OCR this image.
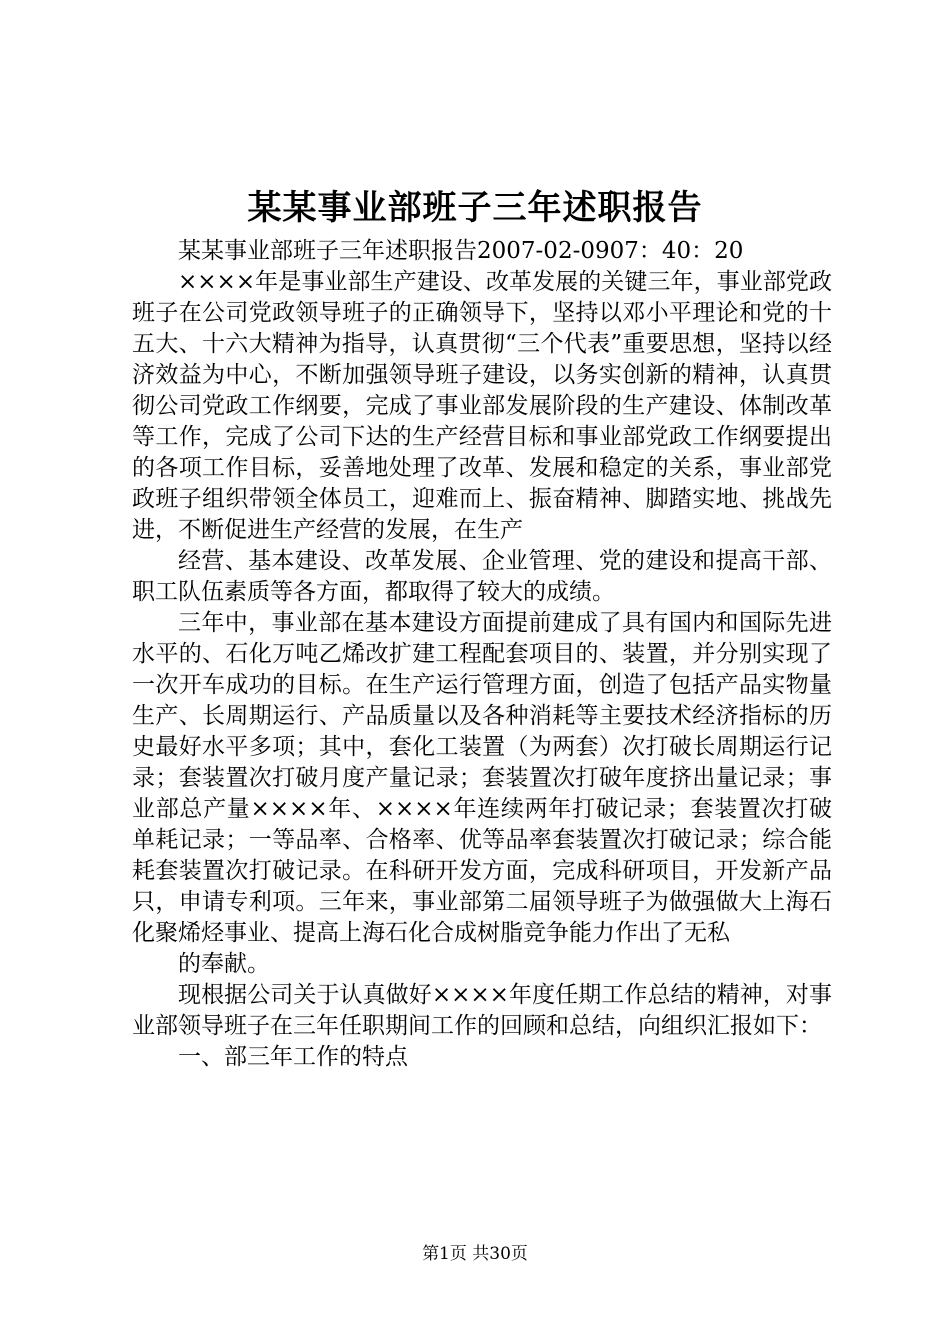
某某事业部班子三年述职报告

某某事业部班子三年述职报告2007-02-0907：40：20

××××年是事业部生产建设、改革发展的关键三年，事业部党政班子在公司党政领导班子的正确领导下，坚持以邓小平理论和党的十五大、十六大精神为指导，认真贯彻“三个代表”重要思想，坚持以经济效益为中心，不断加强领导班子建设，以务实创新的精神，认真贯彻公司党政工作纲要，完成了事业部发展阶段的生产建设、体制改革等工作，完成了公司下达的生产经营目标和事业部党政工作纲要提出的各项工作目标，妥善地处理了改革、发展和稳定的关系，事业部党政班子组织带领全体员工，迎难而上、振奋精神、脚踏实地、挑战先进，不断促进生产经营的发展，在生产

经营、基本建设、改革发展、企业管理、党的建设和提高干部、职工队伍素质等各方面，都取得了较大的成绩。

三年中，事业部在基本建设方面提前建成了具有国内和国际先进水平的、石化万吨乙烯改扩建工程配套项目的、装置，并分别实现了一次开车成功的目标。在生产运行管理方面，创造了包括产品实物量生产、长周期运行、产品质量以及各种消耗等主要技术经济指标的历史最好水平多项；其中，套化工装置（为两套）次打破长周期运行记录；套装置次打破月度产量记录；套装置次打破年度挤出量记录；事业部总产量××××年、××××年连续两年打破记录；套装置次打破单耗记录；一等品率、合格率、优等品率套装置次打破记录；综合能耗套装置次打破记录。在科研开发方面，完成科研项目，开发新产品只，申请专利项。三年来，事业部第二届领导班子为做强做大上海石化聚烯烃事业、提高上海石化合成树脂竞争能力作出了无私

的奉献。

现根据公司关于认真做好××××年度任期工作总结的精神，对事业部领导班子在三年任职期间工作的回顾和总结，向组织汇报如下：

一、部三年工作的特点

第1页 共30页
